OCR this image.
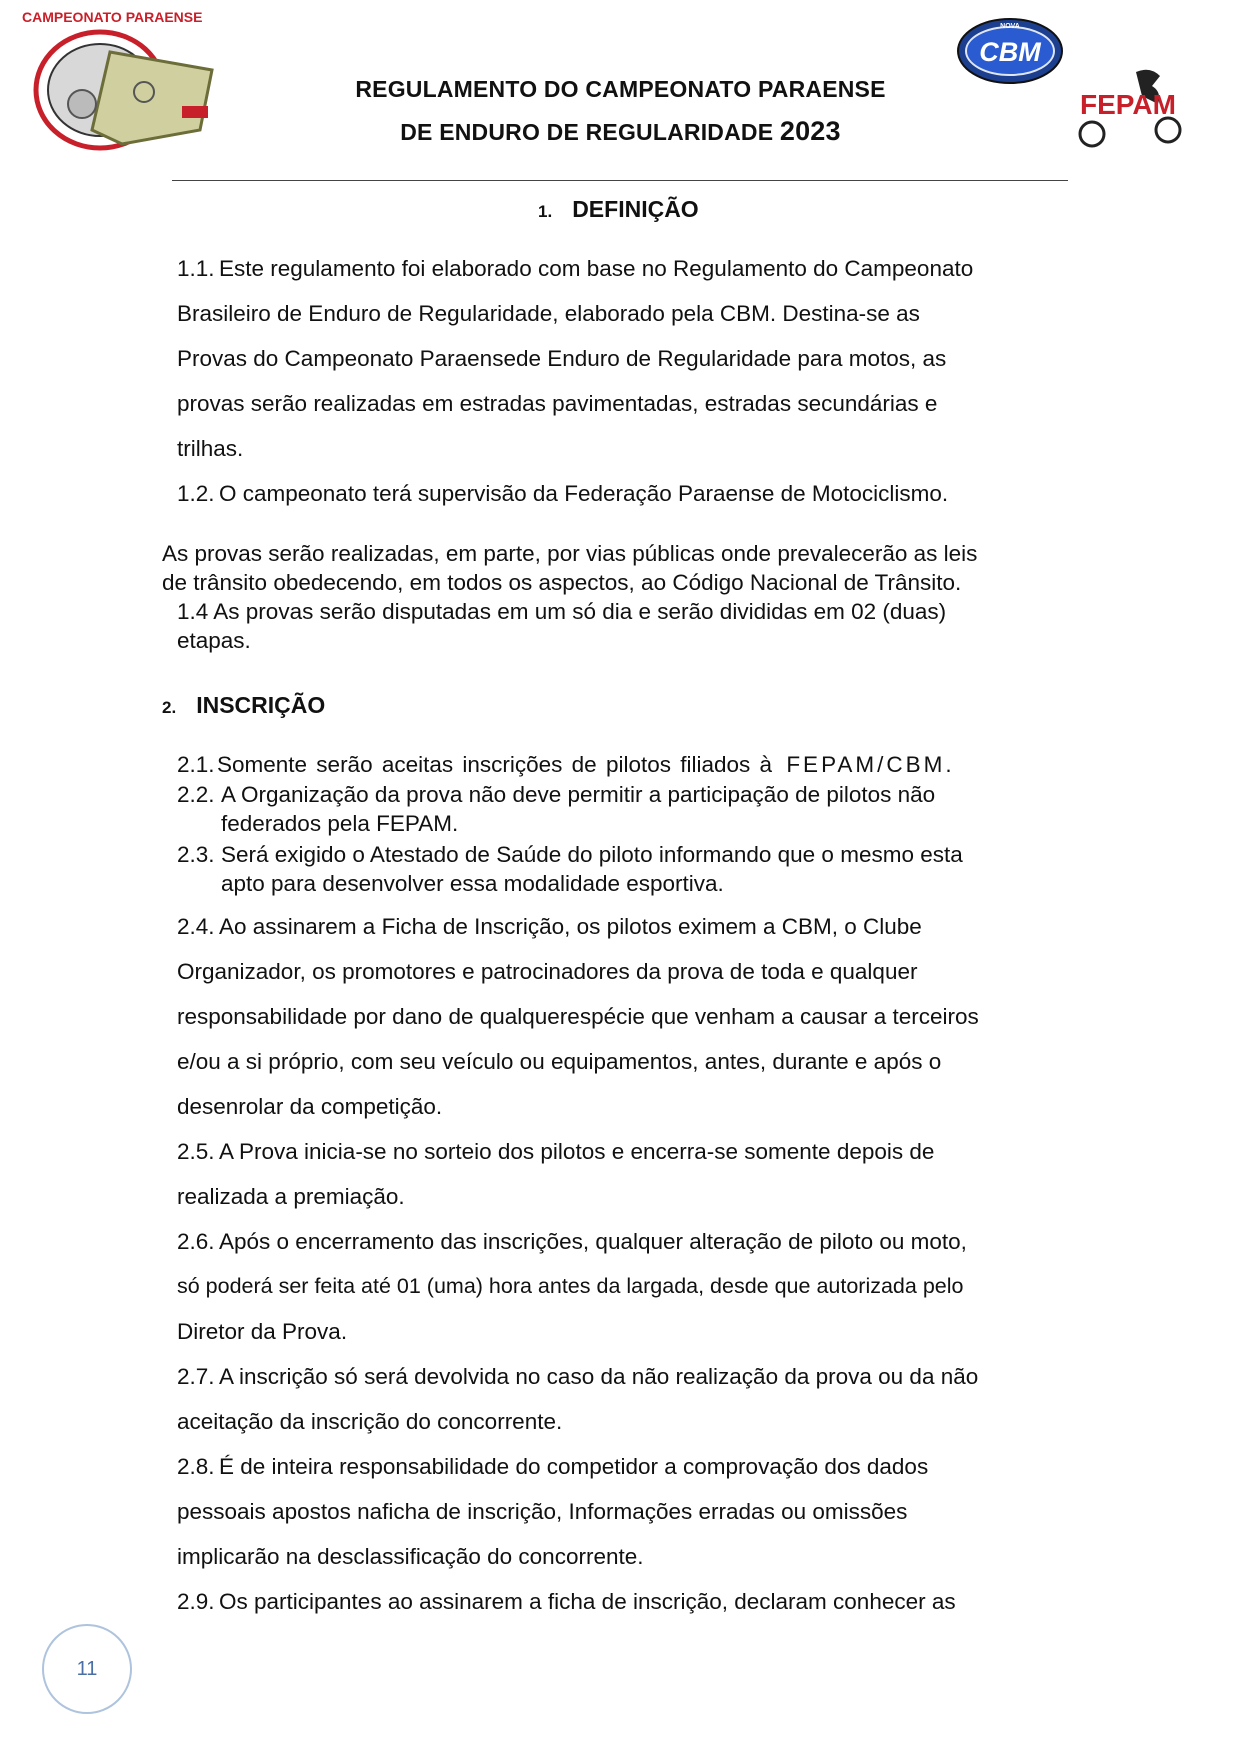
CAMPEONATO PARAENSE
CBM
NOVA
FEPAM
REGULAMENTO DO CAMPEONATO PARAENSE
DE ENDURO DE REGULARIDADE 2023
1. DEFINIÇÃO
1.1. Este regulamento foi elaborado com base no Regulamento do Campeonato
Brasileiro de Enduro de Regularidade, elaborado pela CBM. Destina-se as
Provas do Campeonato Paraensede Enduro de Regularidade para motos, as
provas serão realizadas em estradas pavimentadas, estradas secundárias e
trilhas.
1.2. O campeonato terá supervisão da Federação Paraense de Motociclismo.
As provas serão realizadas, em parte, por vias públicas onde prevalecerão as leis
de trânsito obedecendo, em todos os aspectos, ao Código Nacional de Trânsito.
1.4 As provas serão disputadas em um só dia e serão divididas em 02 (duas)
etapas.
2. INSCRIÇÃO
2.1. Somente serão aceitas inscrições de pilotos filiados à FEPAM/CBM.
2.2. A Organização da prova não deve permitir a participação de pilotos não
federados pela FEPAM.
2.3. Será exigido o Atestado de Saúde do piloto informando que o mesmo esta
apto para desenvolver essa modalidade esportiva.
2.4. Ao assinarem a Ficha de Inscrição, os pilotos eximem a CBM, o Clube
Organizador, os promotores e patrocinadores da prova de toda e qualquer
responsabilidade por dano de qualquerespécie que venham a causar a terceiros
e/ou a si próprio, com seu veículo ou equipamentos, antes, durante e após o
desenrolar da competição.
2.5. A Prova inicia-se no sorteio dos pilotos e encerra-se somente depois de
realizada a premiação.
2.6. Após o encerramento das inscrições, qualquer alteração de piloto ou moto,
só poderá ser feita até 01 (uma) hora antes da largada, desde que autorizada pelo
Diretor da Prova.
2.7. A inscrição só será devolvida no caso da não realização da prova ou da não
aceitação da inscrição do concorrente.
2.8. É de inteira responsabilidade do competidor a comprovação dos dados
pessoais apostos naficha de inscrição, Informações erradas ou omissões
implicarão na desclassificação do concorrente.
2.9. Os participantes ao assinarem a ficha de inscrição, declaram conhecer as
11
